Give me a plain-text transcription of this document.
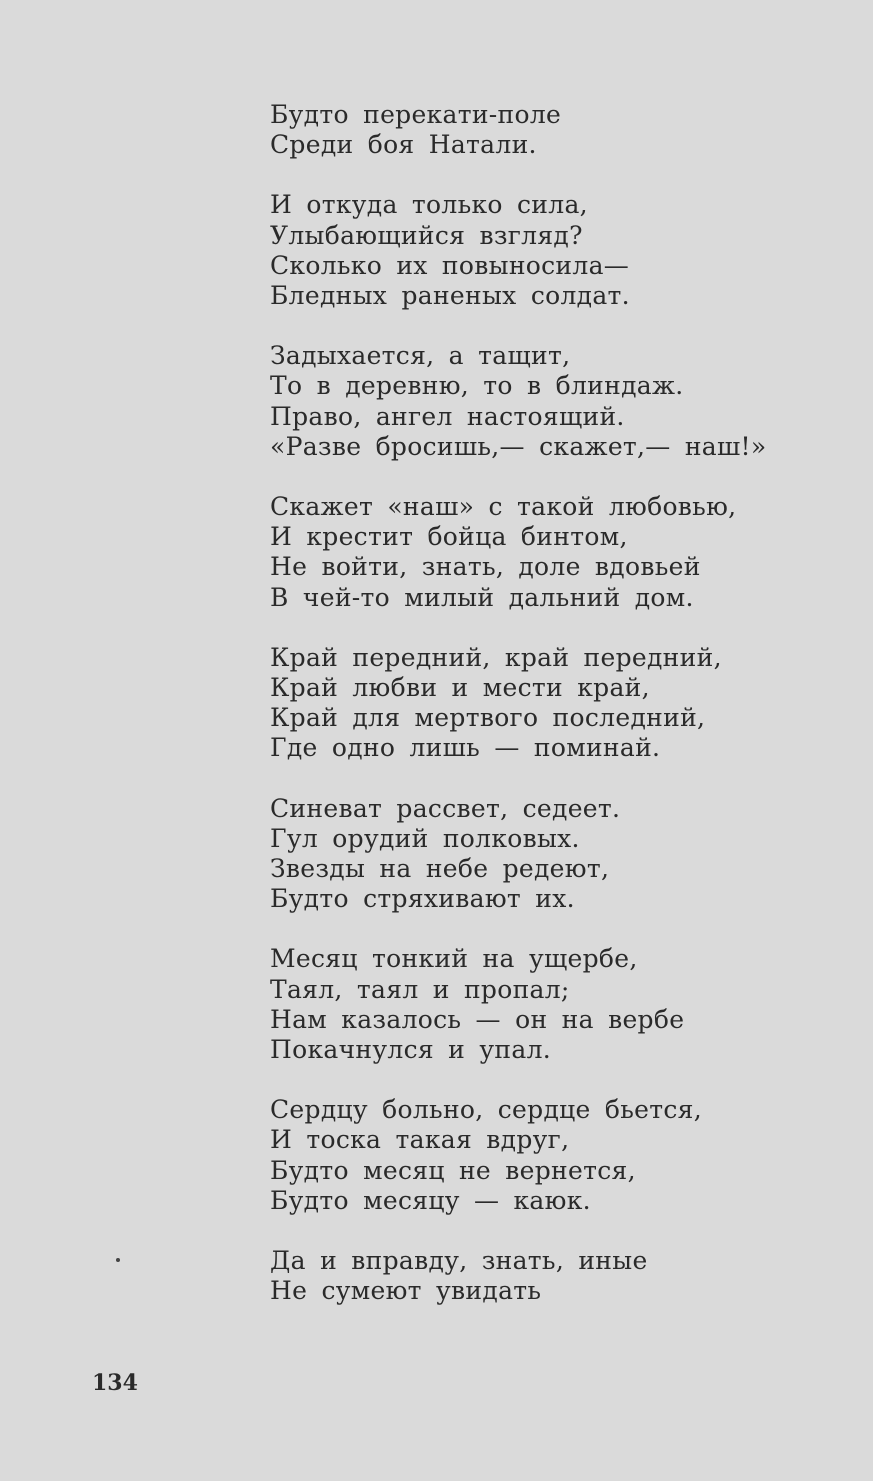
Будто перекати-поле
Среди боя Натали.
И откуда только сила,
Улыбающийся взгляд?
Сколько их повыносила—
Бледных раненых солдат.
Задыхается, а тащит,
То в деревню, то в блиндаж.
Право, ангел настоящий.
«Разве бросишь,— скажет,— наш!»
Скажет «наш» с такой любовью,
И крестит бойца бинтом,
Не войти, знать, доле вдовьей
В чей-то милый дальний дом.
Край передний, край передний,
Край любви и мести край,
Край для мертвого последний,
Где одно лишь — поминай.
Синеват рассвет, седеет.
Гул орудий полковых.
Звезды на небе редеют,
Будто стряхивают их.
Месяц тонкий на ущербе,
Таял, таял и пропал;
Нам казалось — он на вербе
Покачнулся и упал.
Сердцу больно, сердце бьется,
И тоска такая вдруг,
Будто месяц не вернется,
Будто месяцу — каюк.
Да и вправду, знать, иные
Не сумеют увидать
134
